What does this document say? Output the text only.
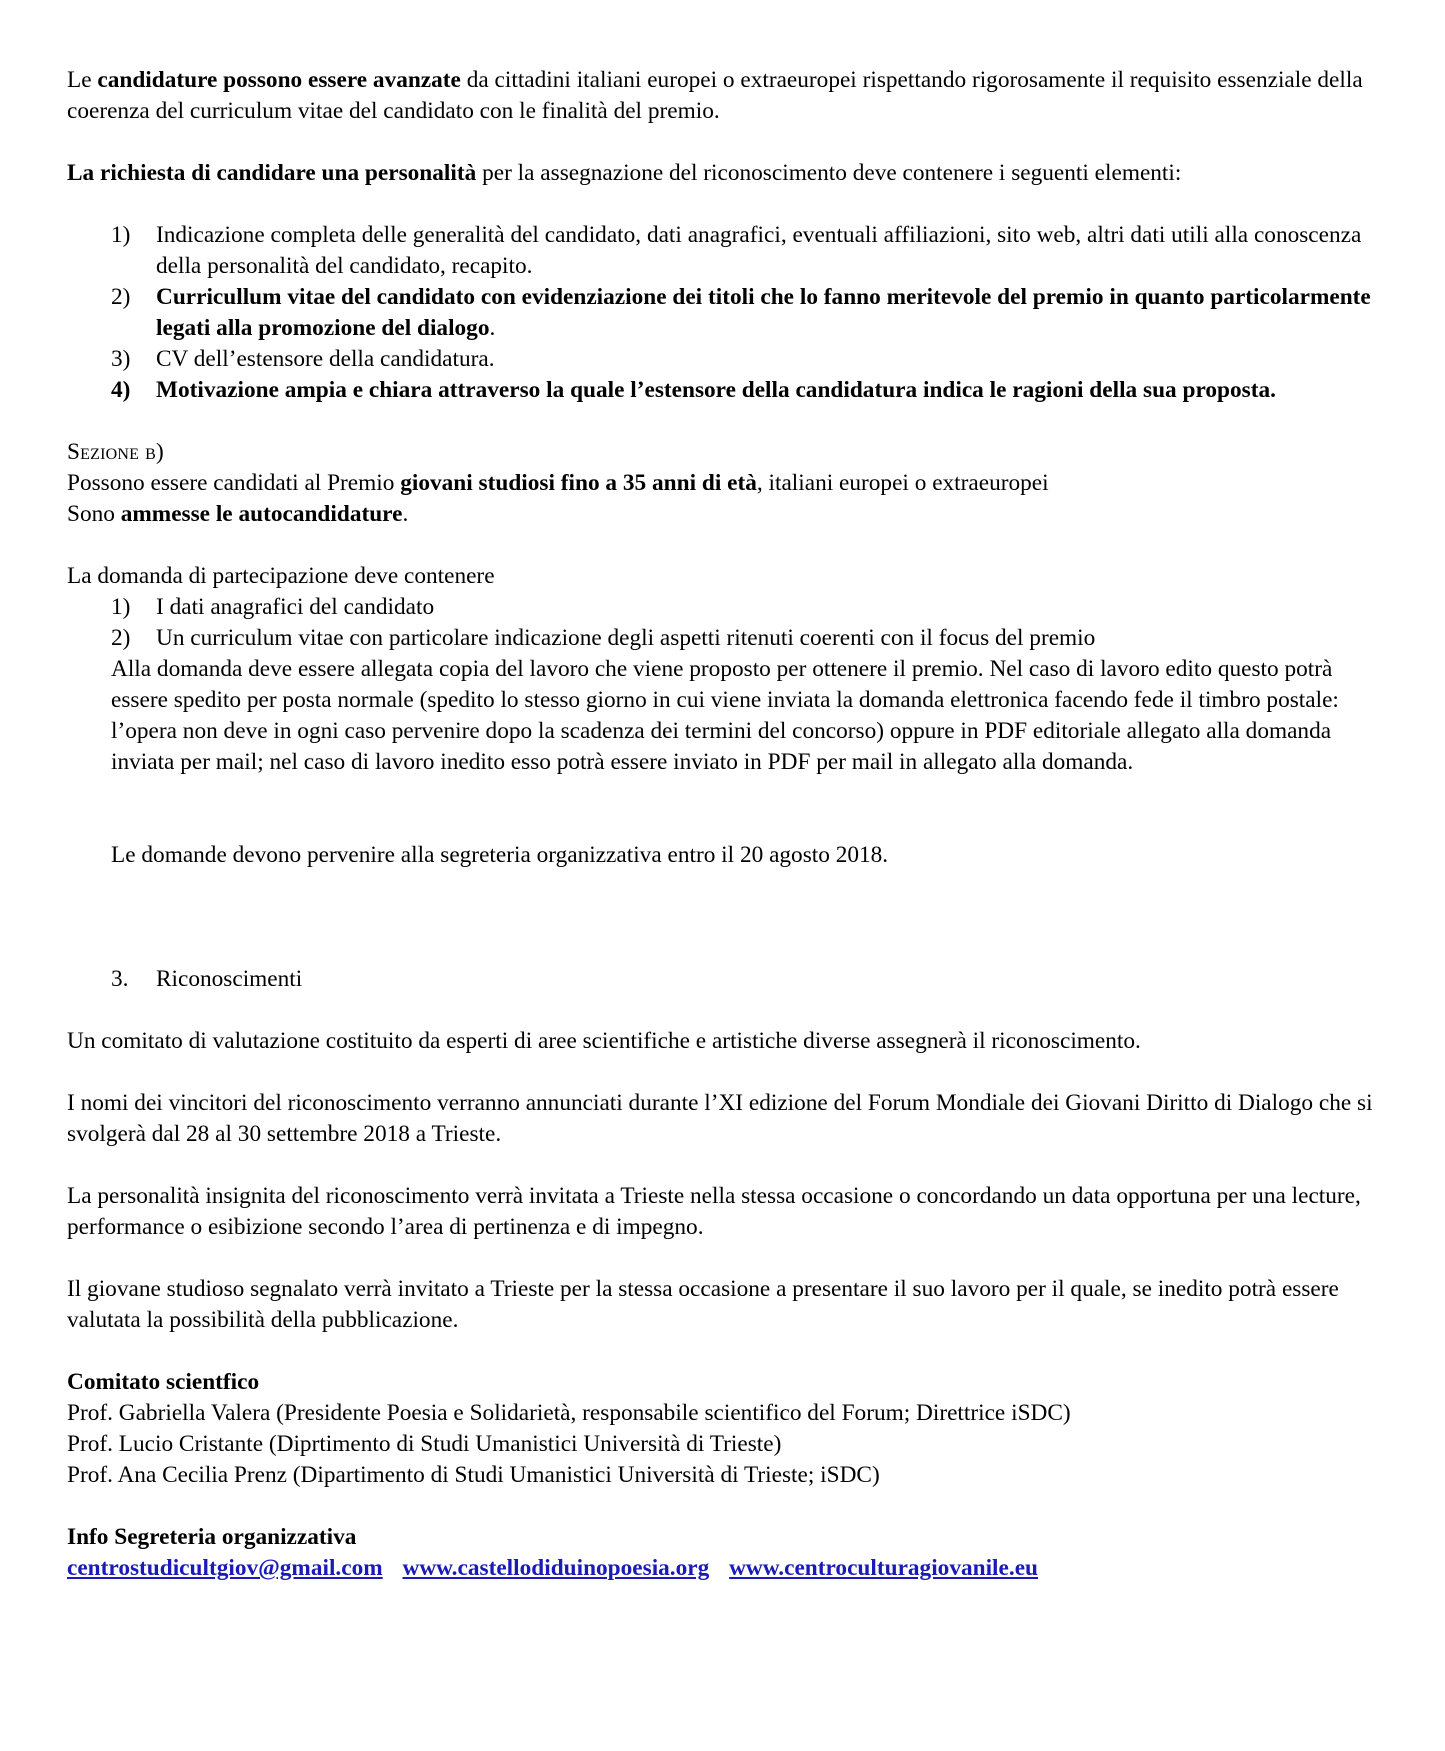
Le candidature possono essere avanzate da cittadini italiani europei o extraeuropei rispettando rigorosamente il requisito essenziale della coerenza del curriculum vitae del candidato con le finalità del premio.

La richiesta di candidare una personalità per la assegnazione del riconoscimento deve contenere i seguenti elementi:

1) Indicazione completa delle generalità del candidato, dati anagrafici, eventuali affiliazioni, sito web, altri dati utili alla conoscenza della personalità del candidato, recapito.

2) Curricullum vitae del candidato con evidenziazione dei titoli che lo fanno meritevole del premio in quanto particolarmente legati alla promozione del dialogo.

3) CV dell’estensore della candidatura.

4) Motivazione ampia e chiara attraverso la quale l’estensore della candidatura indica le ragioni della sua proposta.

Sezione b)

Possono essere candidati al Premio giovani studiosi fino a 35 anni di età, italiani europei o extraeuropei

Sono ammesse le autocandidature.

La domanda di partecipazione deve contenere

1) I dati anagrafici del candidato

2) Un curriculum vitae con particolare indicazione degli aspetti ritenuti coerenti con il focus del premio

Alla domanda deve essere allegata copia del lavoro che viene proposto per ottenere il premio. Nel caso di lavoro edito questo potrà essere spedito per posta normale (spedito lo stesso giorno in cui viene inviata la domanda elettronica facendo fede il timbro postale: l’opera non deve in ogni caso pervenire dopo la scadenza dei termini del concorso) oppure in PDF editoriale allegato alla domanda inviata per mail; nel caso di lavoro inedito esso potrà essere inviato in PDF per mail in allegato alla domanda.

Le domande devono pervenire alla segreteria organizzativa entro il 20 agosto 2018.

3. Riconoscimenti

Un comitato di valutazione costituito da esperti di aree scientifiche e artistiche diverse assegnerà il riconoscimento.

I nomi dei vincitori del riconoscimento verranno annunciati durante l’XI edizione del Forum Mondiale dei Giovani Diritto di Dialogo che si svolgerà dal 28 al 30 settembre 2018 a Trieste.

La personalità insignita del riconoscimento verrà invitata a Trieste nella stessa occasione o concordando un data opportuna per una lecture, performance o esibizione secondo l’area di pertinenza e di impegno.

Il giovane studioso segnalato verrà invitato a Trieste per la stessa occasione a presentare il suo lavoro per il quale, se inedito potrà essere valutata la possibilità della pubblicazione.

Comitato scientfico

Prof. Gabriella Valera (Presidente Poesia e Solidarietà, responsabile scientifico del Forum; Direttrice iSDC)

Prof. Lucio Cristante (Diprtimento di Studi Umanistici Università di Trieste)

Prof. Ana Cecilia Prenz (Dipartimento di Studi Umanistici Università di Trieste; iSDC)

Info Segreteria organizzativa

centrostudicultgiov@gmail.com www.castellodiduinopoesia.org www.centroculturagiovanile.eu
